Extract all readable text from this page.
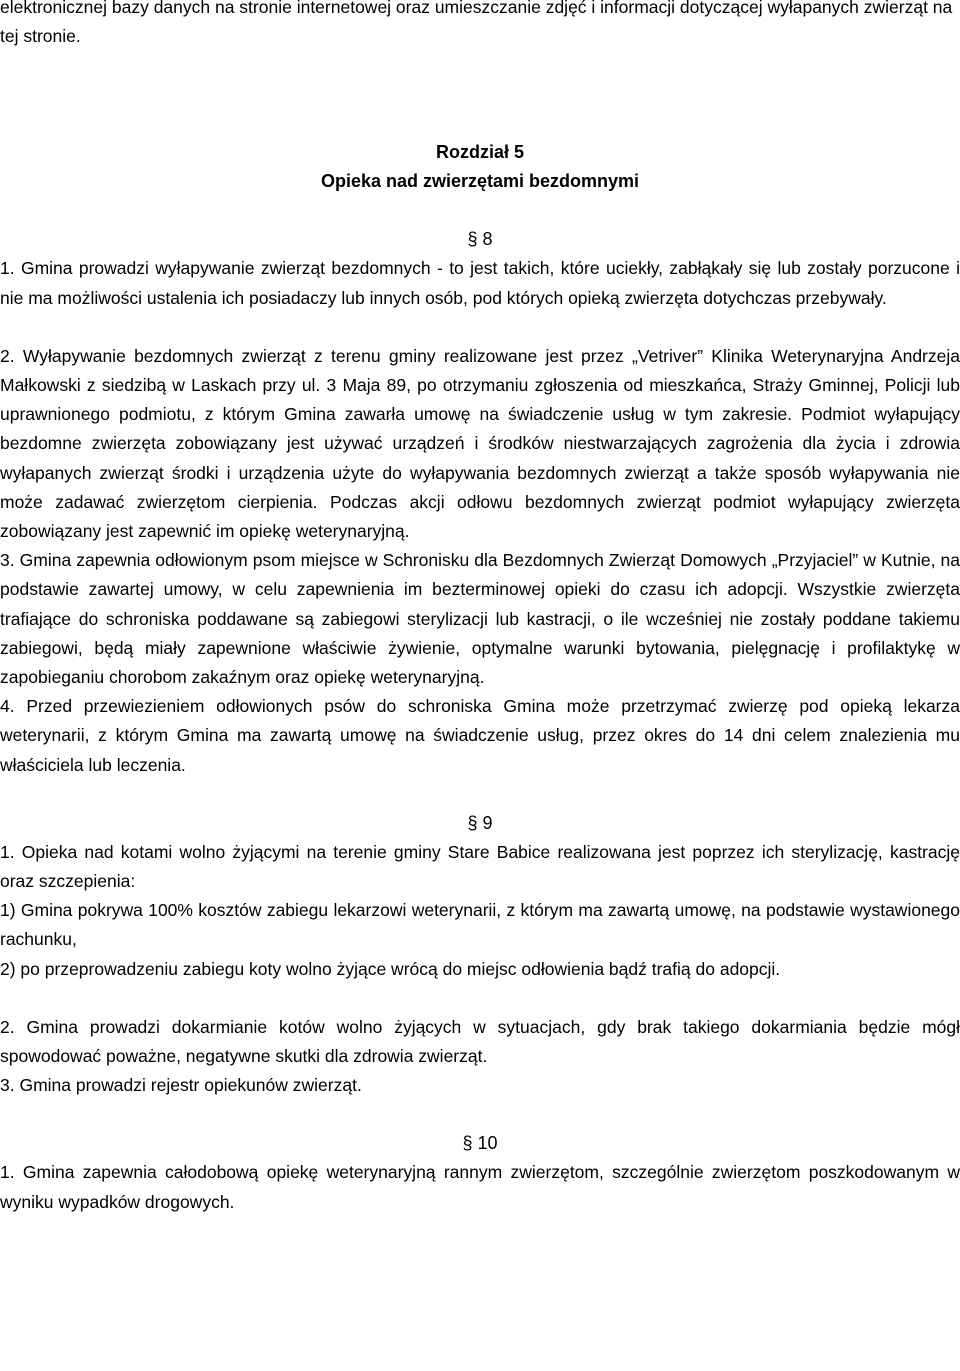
elektronicznej bazy danych na stronie internetowej oraz umieszczanie zdjęć i informacji dotyczącej wyłapanych zwierząt na tej stronie.

Rozdział 5

Opieka nad zwierzętami bezdomnymi

§ 8

1. Gmina prowadzi wyłapywanie zwierząt bezdomnych - to jest takich, które uciekły, zabłąkały się lub zostały porzucone i nie ma możliwości ustalenia ich posiadaczy lub innych osób, pod których opieką zwierzęta dotychczas przebywały.

2. Wyłapywanie bezdomnych zwierząt z terenu gminy realizowane jest przez „Vetriver” Klinika Weterynaryjna Andrzeja Małkowski z siedzibą w Laskach przy ul. 3 Maja 89, po otrzymaniu zgłoszenia od mieszkańca, Straży Gminnej, Policji lub uprawnionego podmiotu, z którym Gmina zawarła umowę na świadczenie usług w tym zakresie. Podmiot wyłapujący bezdomne zwierzęta zobowiązany jest używać urządzeń i środków niestwarzających zagrożenia dla życia i zdrowia wyłapanych zwierząt środki i urządzenia użyte do wyłapywania bezdomnych zwierząt a także sposób wyłapywania nie może zadawać zwierzętom cierpienia. Podczas akcji odłowu bezdomnych zwierząt podmiot wyłapujący zwierzęta zobowiązany jest zapewnić im opiekę weterynaryjną.

3. Gmina zapewnia odłowionym psom miejsce w Schronisku dla Bezdomnych Zwierząt Domowych „Przyjaciel” w Kutnie, na podstawie zawartej umowy, w celu zapewnienia im bezterminowej opieki do czasu ich adopcji. Wszystkie zwierzęta trafiające do schroniska poddawane są zabiegowi sterylizacji lub kastracji, o ile wcześniej nie zostały poddane takiemu zabiegowi, będą miały zapewnione właściwie żywienie, optymalne warunki bytowania, pielęgnację i profilaktykę w zapobieganiu chorobom zakaźnym oraz opiekę weterynaryjną.

4. Przed przewiezieniem odłowionych psów do schroniska Gmina może przetrzymać zwierzę pod opieką lekarza weterynarii, z którym Gmina ma zawartą umowę na świadczenie usług, przez okres do 14 dni celem znalezienia mu właściciela lub leczenia.

§ 9

1. Opieka nad kotami wolno żyjącymi na terenie gminy Stare Babice realizowana jest poprzez ich sterylizację, kastrację oraz szczepienia:

1) Gmina pokrywa 100% kosztów zabiegu lekarzowi weterynarii, z którym ma zawartą umowę, na podstawie wystawionego rachunku,

2) po przeprowadzeniu zabiegu koty wolno żyjące wrócą do miejsc odłowienia bądź trafią do adopcji.

2. Gmina prowadzi dokarmianie kotów wolno żyjących w sytuacjach, gdy brak takiego dokarmiania będzie mógł spowodować poważne, negatywne skutki dla zdrowia zwierząt.

3. Gmina prowadzi rejestr opiekunów zwierząt.

§ 10

1. Gmina zapewnia całodobową opiekę weterynaryjną rannym zwierzętom, szczególnie zwierzętom poszkodowanym w wyniku wypadków drogowych.
